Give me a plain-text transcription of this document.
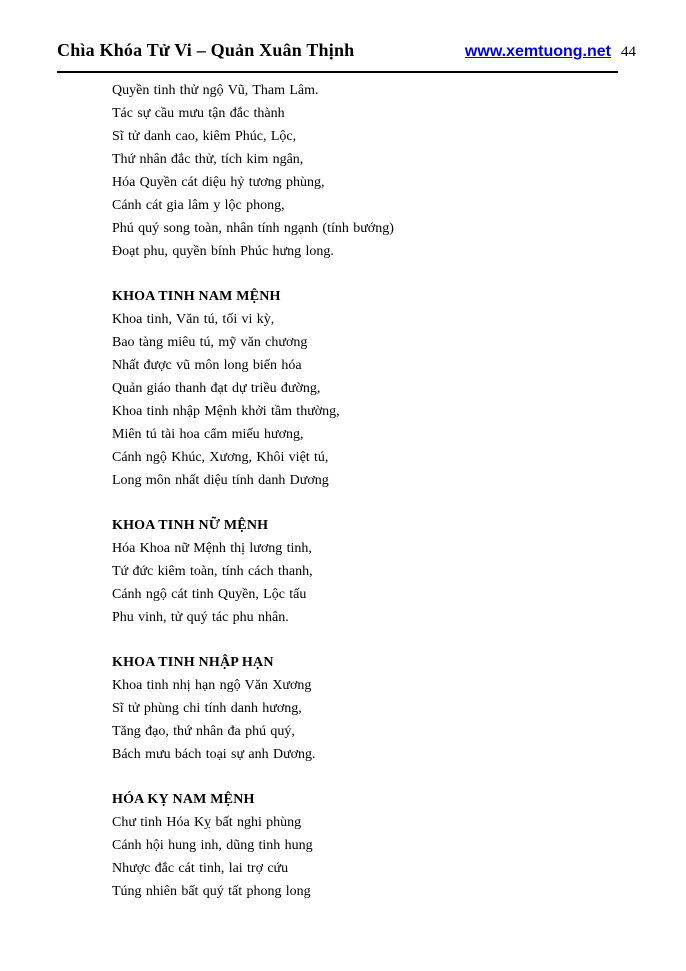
Chìa Khóa Tử Vi – Quản Xuân Thịnh	www.xemtuong.net 44

Quyền tinh thử ngộ Vũ, Tham Lâm.

Tác sự cầu mưu tận đắc thành

Sĩ tử danh cao, kiêm Phúc, Lộc,

Thứ nhân đắc thử, tích kim ngân,

Hóa Quyền cát diệu hỷ tương phùng,

Cánh cát gia lâm y lộc phong,

Phú quý song toàn, nhân tính ngạnh (tính bướng)

Đoạt phu, quyền bính Phúc hưng long.

KHOA TINH NAM MỆNH

Khoa tinh, Văn tú, tối vi kỳ,

Bao tàng miêu tú, mỹ văn chương

Nhất được vũ môn long biến hóa

Quản giáo thanh đạt dự triều đường,

Khoa tinh nhập Mệnh khởi tầm thường,

Miên tú tài hoa cẩm miếu hương,

Cánh ngộ Khúc, Xương, Khôi việt tú,

Long môn nhất diệu tính danh Dương

KHOA TINH NỮ MỆNH

Hóa Khoa nữ Mệnh thị lương tinh,

Tứ đức kiêm toàn, tính cách thanh,

Cánh ngộ cát tinh Quyền, Lộc tấu

Phu vinh, tử quý tác phu nhân.

KHOA TINH NHẬP HẠN

Khoa tinh nhị hạn ngộ Văn Xương

Sĩ tử phùng chi tính danh hương,

Tăng đạo, thứ nhân đa phú quý,

Bách mưu bách toại sự anh Dương.

HÓA KỴ NAM MỆNH

Chư tinh Hóa Kỵ bất nghi phùng

Cánh hội hung inh, dũng tinh hung

Nhược đắc cát tinh, lai trợ cứu

Túng nhiên bất quý tất phong long
